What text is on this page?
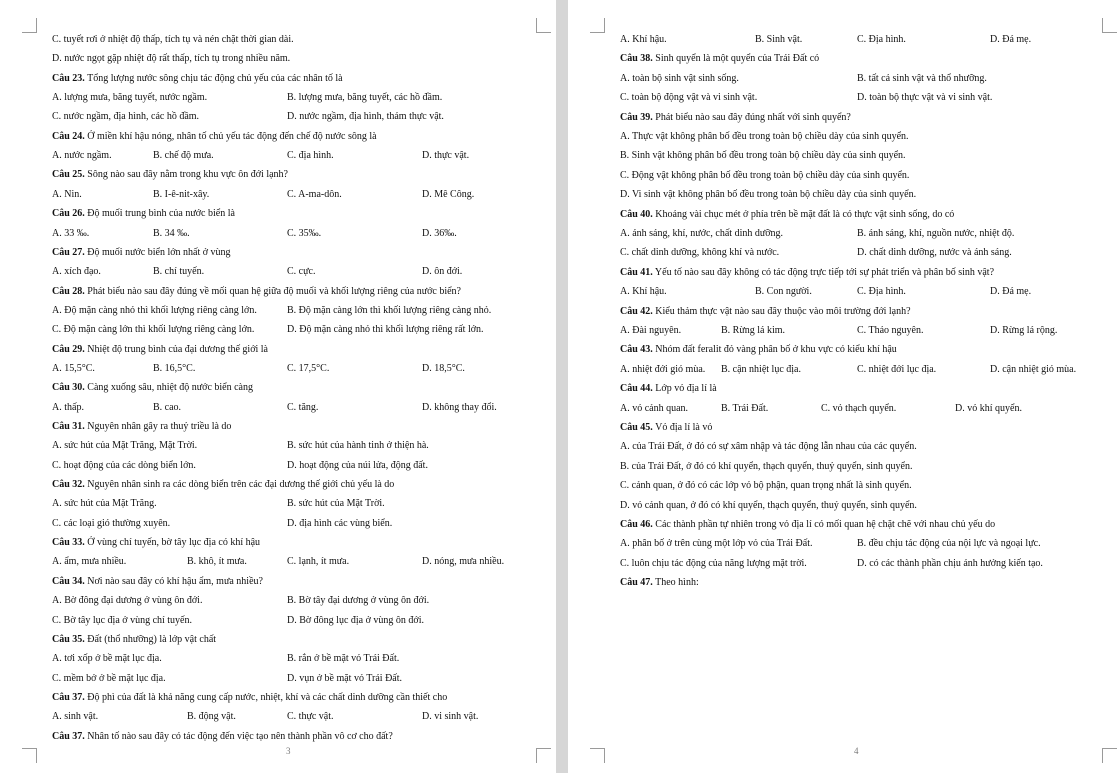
C. tuyết rơi ở nhiệt độ thấp, tích tụ và nén chặt thời gian dài.
D. nước ngọt gặp nhiệt độ rất thấp, tích tụ trong nhiều năm.
Câu 23. Tổng lượng nước sông chịu tác động chủ yếu của các nhân tố là
A. lượng mưa, băng tuyết, nước ngầm.	B. lượng mưa, băng tuyết, các hồ đầm.
C. nước ngầm, địa hình, các hồ đầm.	D. nước ngầm, địa hình, thảm thực vật.
Câu 24. Ở miền khí hậu nóng, nhân tố chủ yếu tác động đến chế độ nước sông là
A. nước ngầm.	B. chế độ mưa.	C. địa hình.	D. thực vật.
Câu 25. Sông nào sau đây nằm trong khu vực ôn đới lạnh?
A. Nin.	B. I-ê-nit-xây.	C. A-ma-dôn.	D. Mê Công.
Câu 26. Độ muối trung bình của nước biển là
A. 33 ‰.	B. 34 ‰.	C. 35‰.	D. 36‰.
Câu 27. Độ muối nước biển lớn nhất ở vùng
A. xích đạo.	B. chí tuyến.	C. cực.	D. ôn đới.
Câu 28. Phát biểu nào sau đây đúng về mối quan hệ giữa độ muối và khối lượng riêng của nước biển?
A. Độ mặn càng nhỏ thì khối lượng riêng càng lớn.	B. Độ mặn càng lớn thì khối lượng riêng càng nhỏ.
C. Độ mặn càng lớn thì khối lượng riêng càng lớn.	D. Độ mặn càng nhỏ thì khối lượng riêng rất lớn.
Câu 29. Nhiệt độ trung bình của đại dương thế giới là
A. 15,5°C.	B. 16,5°C.	C. 17,5°C.	D. 18,5°C.
Câu 30. Càng xuống sâu, nhiệt độ nước biển càng
A. thấp.	B. cao.	C. tăng.	D. không thay đổi.
Câu 31. Nguyên nhân gây ra thuỷ triều là do
A. sức hút của Mặt Trăng, Mặt Trời.	B. sức hút của hành tinh ở thiện hà.
C. hoạt động của các dòng biển lớn.	D. hoạt động của núi lửa, động đất.
Câu 32. Nguyên nhân sinh ra các dòng biển trên các đại dương thế giới chủ yếu là do
A. sức hút của Mặt Trăng.	B. sức hút của Mặt Trời.
C. các loại gió thường xuyên.	D. địa hình các vùng biển.
Câu 33. Ở vùng chí tuyến, bờ tây lục địa có khí hậu
A. ẩm, mưa nhiều.	B. khô, ít mưa.	C. lạnh, ít mưa.	D. nóng, mưa nhiều.
Câu 34. Nơi nào sau đây có khí hậu ẩm, mưa nhiều?
A. Bờ đông đại dương ở vùng ôn đới.	B. Bờ tây đại dương ở vùng ôn đới.
C. Bờ tây lục địa ở vùng chí tuyến.	D. Bờ đông lục địa ở vùng ôn đới.
Câu 35. Đất (thổ nhưỡng) là lớp vật chất
A. tơi xốp ở bề mặt lục địa.	B. rắn ở bề mặt vỏ Trái Đất.
C. mềm bở ở bề mặt lục địa.	D. vụn ở bề mặt vỏ Trái Đất.
Câu 37. Độ phì của đất là khả năng cung cấp nước, nhiệt, khí và các chất dinh dưỡng cần thiết cho
A. sinh vật.	B. động vật.	C. thực vật.	D. vi sinh vật.
Câu 37. Nhân tố nào sau đây có tác động đến việc tạo nên thành phần vô cơ cho đất?
3
A. Khí hậu.	B. Sinh vật.	C. Địa hình.	D. Đá mẹ.
Câu 38. Sinh quyển là một quyển của Trái Đất có
A. toàn bộ sinh vật sinh sống.	B. tất cả sinh vật và thổ nhưỡng.
C. toàn bộ động vật và vi sinh vật.	D. toàn bộ thực vật và vi sinh vật.
Câu 39. Phát biểu nào sau đây đúng nhất với sinh quyển?
A. Thực vật không phân bố đều trong toàn bộ chiều dày của sinh quyển.
B. Sinh vật không phân bố đều trong toàn bộ chiều dày của sinh quyển.
C. Động vật không phân bố đều trong toàn bộ chiều dày của sinh quyển.
D. Vi sinh vật không phân bố đều trong toàn bộ chiều dày của sinh quyển.
Câu 40. Khoảng vài chục mét ở phía trên bề mặt đất là có thực vật sinh sống, do có
A. ánh sáng, khí, nước, chất dinh dưỡng.	B. ánh sáng, khí, nguồn nước, nhiệt độ.
C. chất dinh dưỡng, không khí và nước.	D. chất dinh dưỡng, nước và ánh sáng.
Câu 41. Yếu tố nào sau đây không có tác động trực tiếp tới sự phát triển và phân bố sinh vật?
A. Khí hậu.	B. Con người.	C. Địa hình.	D. Đá mẹ.
Câu 42. Kiểu thảm thực vật nào sau đây thuộc vào môi trường đới lạnh?
A. Đài nguyên.	B. Rừng lá kim.	C. Thảo nguyên.	D. Rừng lá rộng.
Câu 43. Nhóm đất feralit đỏ vàng phân bố ở khu vực có kiểu khí hậu
A. nhiệt đới gió mùa. B. cận nhiệt lục địa.	C. nhiệt đới lục địa.	D. cận nhiệt gió mùa.
Câu 44. Lớp vỏ địa lí là
A. vỏ cảnh quan.	B. Trái Đất.	C. vỏ thạch quyển.	D. vỏ khí quyển.
Câu 45. Vỏ địa lí là vỏ
A. của Trái Đất, ở đó có sự xâm nhập và tác động lẫn nhau của các quyển.
B. của Trái Đất, ở đó có khí quyển, thạch quyển, thuỷ quyển, sinh quyển.
C. cảnh quan, ở đó có các lớp vỏ bộ phận, quan trọng nhất là sinh quyển.
D. vỏ cảnh quan, ở đó có khí quyển, thạch quyển, thuỷ quyển, sinh quyển.
Câu 46. Các thành phần tự nhiên trong vỏ địa lí có mối quan hệ chặt chẽ với nhau chủ yếu do
A. phân bố ở trên cùng một lớp vỏ của Trái Đất.	B. đều chịu tác động của nội lực và ngoại lực.
C. luôn chịu tác động của năng lượng mặt trời.	D. có các thành phần chịu ảnh hưởng kiến tạo.
Câu 47. Theo hình:
4
